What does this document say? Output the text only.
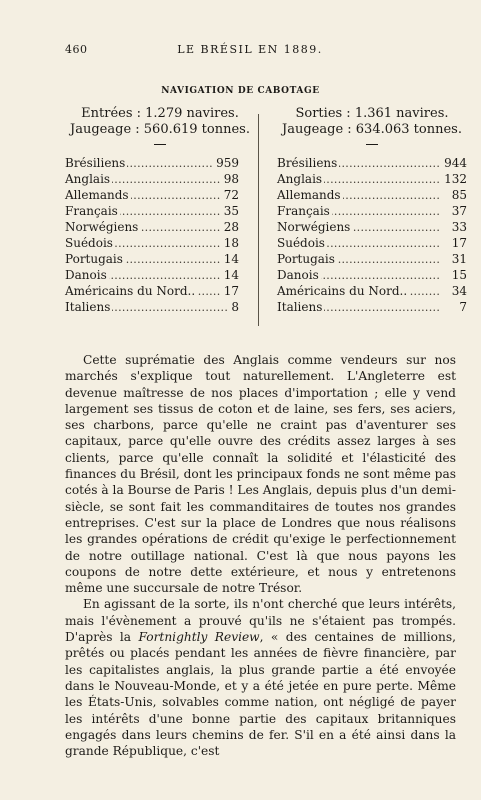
460	LE BRÉSIL EN 1889.
NAVIGATION DE CABOTAGE
Entrées : 1.279 navires.
Jaugeage : 560.619 tonnes.
. . .
Brésiliens	959
. . .
Anglais	98
. . .
Allemands	72
. . .
Français	35
. . .
Norwégiens	28
. . .
Suédois	18
. . .
Portugais	14
. . .
Danois	14
. . .
Américains du Nord.. 17
. . .
Italiens	8
Sorties : 1.361 navires.
Jaugeage : 634.063 tonnes.
. . .
Brésiliens	944
. . .
Anglais	132
. . .
Allemands	85
. . .
Français	37
. . .
Norwégiens	33
. . .
Suédois	17
. . .
Portugais	31
. . .
Danois	15
. . .
Américains du Nord..	34
. . .
Italiens	7

Cette suprématie des Anglais comme vendeurs sur nos marchés s'explique tout naturellement. L'Angleterre est devenue maîtresse de nos places d'importation ; elle y vend largement ses tissus de coton et de laine, ses fers, ses aciers, ses charbons, parce qu'elle ne craint pas d'aventurer ses capitaux, parce qu'elle ouvre des crédits assez larges à ses clients, parce qu'elle connaît la solidité et l'élasticité des finances du Brésil, dont les principaux fonds ne sont même pas cotés à la Bourse de Paris ! Les Anglais, depuis plus d'un demi-siècle, se sont fait les commanditaires de toutes nos grandes entreprises. C'est sur la place de Londres que nous réalisons les grandes opérations de crédit qu'exige le perfectionnement de notre outillage national. C'est là que nous payons les coupons de notre dette extérieure, et nous y entretenons même une succursale de notre Trésor.

En agissant de la sorte, ils n'ont cherché que leurs intérêts, mais l'évènement a prouvé qu'ils ne s'étaient pas trompés. D'après la Fortnightly Review, « des centaines de millions, prêtés ou placés pendant les années de fièvre financière, par les capitalistes anglais, la plus grande partie a été envoyée dans le Nouveau-Monde, et y a été jetée en pure perte. Même les États-Unis, solvables comme nation, ont négligé de payer les intérêts d'une bonne partie des capitaux britanniques engagés dans leurs chemins de fer. S'il en a été ainsi dans la grande République, c'est
